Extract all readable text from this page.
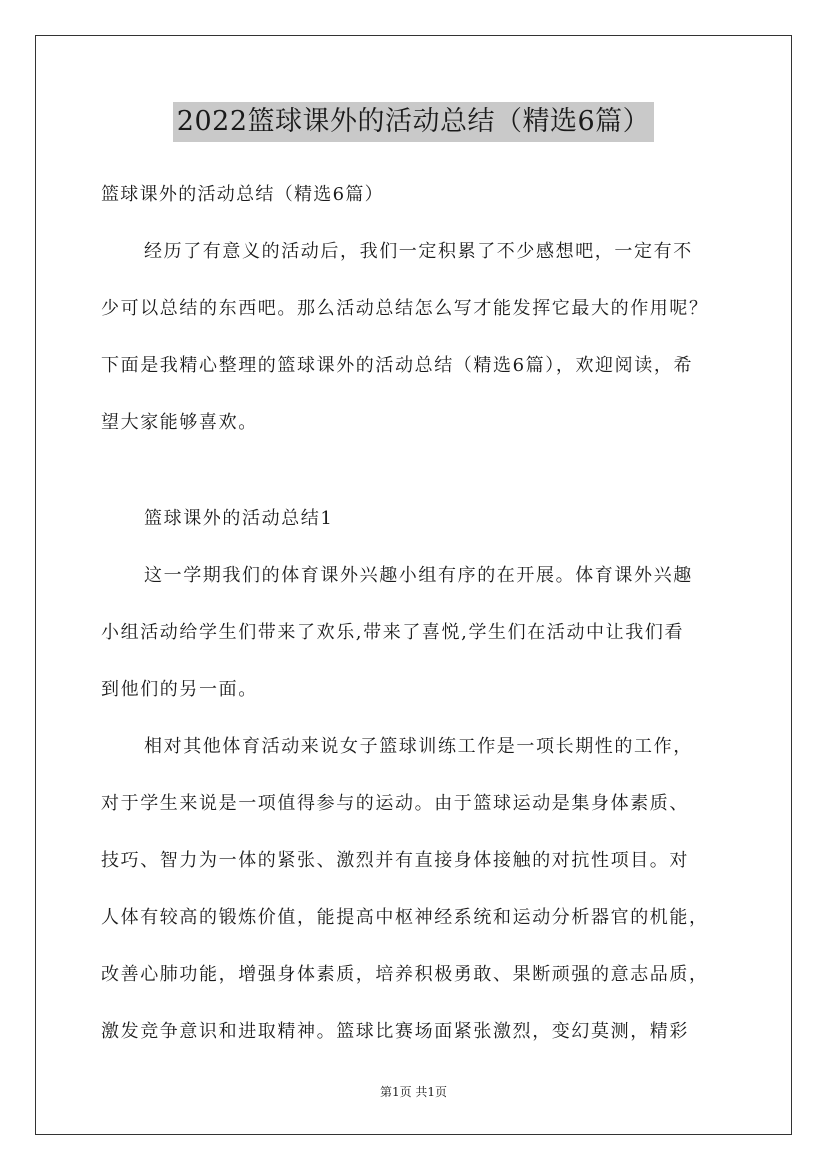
2022篮球课外的活动总结（精选6篇）
篮球课外的活动总结（精选6篇）
经历了有意义的活动后，我们一定积累了不少感想吧，一定有不
少可以总结的东西吧。那么活动总结怎么写才能发挥它最大的作用呢？
下面是我精心整理的篮球课外的活动总结（精选6篇），欢迎阅读，希
望大家能够喜欢。
篮球课外的活动总结1
这一学期我们的体育课外兴趣小组有序的在开展。体育课外兴趣
小组活动给学生们带来了欢乐,带来了喜悦,学生们在活动中让我们看
到他们的另一面。
相对其他体育活动来说女子篮球训练工作是一项长期性的工作，
对于学生来说是一项值得参与的运动。由于篮球运动是集身体素质、
技巧、智力为一体的紧张、激烈并有直接身体接触的对抗性项目。对
人体有较高的锻炼价值，能提高中枢神经系统和运动分析器官的机能，
改善心肺功能，增强身体素质，培养积极勇敢、果断顽强的意志品质，
激发竞争意识和进取精神。篮球比赛场面紧张激烈，变幻莫测，精彩
第1页 共1页
